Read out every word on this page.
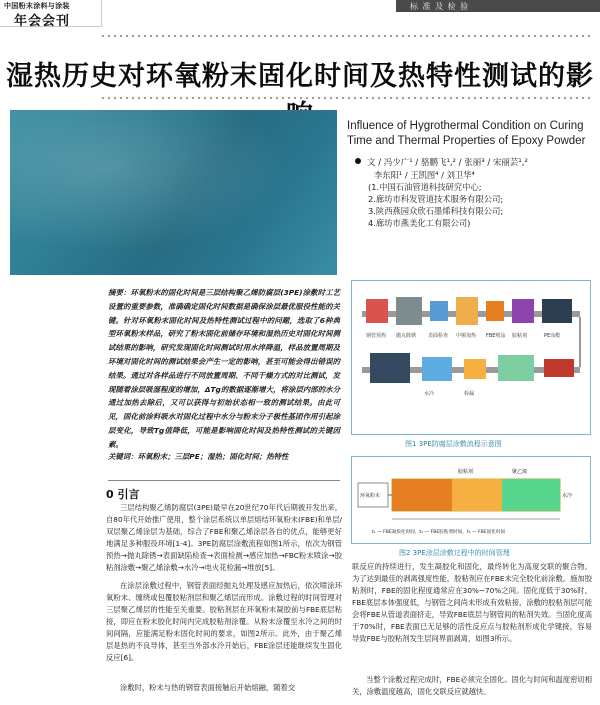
中国粉末涂料与涂装
年会会刊
标 准 及 检 验
湿热历史对环氧粉末固化时间及热特性测试的影
Influence of Hygrothermal Condition on Curing
Time and Thermal Properties of Epoxy Powder
文 / 冯少广¹ / 骆鹏飞¹,² / 张丽³ / 宋丽芸¹,²
李东阳¹ / 王凯图⁴ / 刘卫华⁴
(1.中国石油管道科技研究中心;
2.廊坊市科发管道技术服务有限公司;
3.陕西燕园众欣石墨烯科技有限公司;
4.廊坊市燕美化工有限公司)
摘要：环氧粉末的固化时间是三层结构聚乙烯防腐层(3PE)涂敷时工艺设置的重要参数，准确确定固化时间数据是确保涂层最优服役性能的关键。针对环氧粉末固化时间及热特性测试过程中的问题，选取了6种典型环氧粉末样品，研究了粉末固化前储存环境和湿热历史对固化时间测试结果的影响，研究发现固化时间测试时用水淬降温，样品放置周期及环境对固化时间的测试结果会产生一定的影响，甚至可能会得出错误的结果。通过对各样品进行不同放置周期、不同干燥方式的对比测试，发现随着涂层吸湿程度的增加，ΔTg的数据逐渐增大，将涂层内部的水分通过加热去除后，又可以获得与初始状态相一致的测试结果。由此可见，固化前涂料吸水对固化过程中水分与粉末分子极性基团作用引起涂层变化，导致Tg值降低，可能是影响固化时间及热特性测试的关键因素。
关键词：环氧粉末；三层PE；湿热；固化时间；热特性
0 引言
三层结构聚乙烯防腐层(3PE)最早在20世纪70年代后期被开发出来，自80年代开始推广使用，整个涂层系统以单层熔结环氧粉末(FBE)和单层/双层聚乙烯涂层为基础，综合了FBE和聚乙烯涂层各自的优点，能够更好地满足多种服役环境[1-4]。3PE防腐层涂敷流程如图1所示，依次为钢管预热→抛丸除锈→表面缺陷检查→表面检测→感应加热→FBC粉末喷涂→胶粘剂涂敷→聚乙烯涂敷→水冷→电火花检漏→堆放[5]。
在涂层涂敷过程中，钢管表面经抛丸处理及感应加热后，依次喷涂环氧粉末、缠绕或包覆胶粘剂层和聚乙烯层而形成。涂敷过程的时间管理对三层聚乙烯层的性能至关重要。胶粘剂层在环氧粉末凝胶前与FBE底层粘接，即应在粉末胶化时间内完成胶粘剂涂覆。从粉末涂覆至水冷之间的时间间隔，应能满足粉末固化时间的要求，如图2所示。此外，由于聚乙烯层是热的不良导体，甚至当外部水冷开始后，FBE涂层还能继续发生固化反应[6]。
涂敷时，粉末与热的钢管表面接触后开始熔融，随着交
钢管预热 抛丸除锈 表面检查 中频加热 FBE喷涂 胶粘剂	PE涂敷
水冷	检漏
图1 3PE防腐层涂敷流程示意图
环氧粉末
胶粘剂	聚乙烯
水冷
t₁ — FBE凝胶化时间，t₂ — FBE胶粘剂时间，t₃ — FBE固化时间
图2 3PE涂层涂敷过程中的时间管理
联反应的持续进行，发生凝胶化和固化，最终转化为高度交联的聚合物。为了达到最佳的剥离强度性能，胶粘剂应在FBE未完全胶化前涂敷。施加胶粘剂时，FBE的固化程度通常应在30%~70%之间。固化度低于30%时，FBE底层本体强度低，与钢管之间尚未形成有效粘接，涂敷的胶粘剂层可能会将FBE从管道表面挤走，导致FBE底层与钢管间的粘剂失效。当固化度高于70%时，FBE表面已无足够的活性反应点与胶粘剂形成化学键接，容易导致FBE与胶粘剂发生层间界面剥离，如图3所示。
当整个涂敷过程完成时，FBE必须完全固化。固化与时间和温度密切相关，涂敷温度越高，固化交联反应就越快。
